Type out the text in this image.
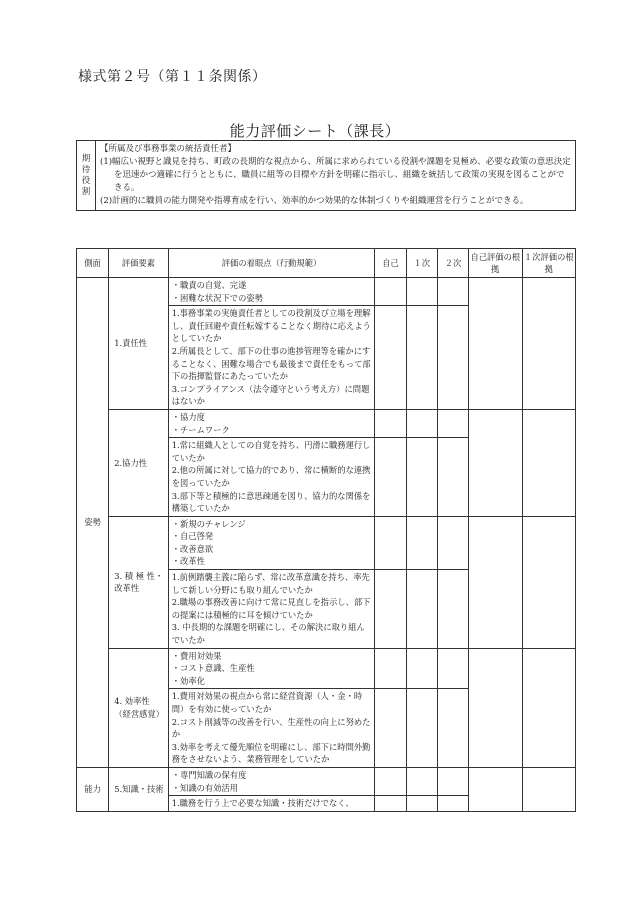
様式第２号（第１１条関係）
能力評価シート（課長）
期
待
役
割

【所属及び事務事業の統括責任者】
(1)幅広い視野と識見を持ち、町政の長期的な視点から、所属に求められている役割や課題を見極め、必要な政策の意思決定を迅速かつ適確に行うとともに、職員に組等の目標や方針を明確に指示し、組織を統括して政策の実現を図ることができる。
(2)計画的に職員の能力開発や指導育成を行い、効率的かつ効果的な体制づくりや組織運営を行うことができる。
側面	評価要素	評価の着眼点（行動規範）	自己	１次	２次	自己評価の根拠	１次評価の根拠
姿勢	1.責任性	・職責の自覚、完遂
・困難な状況下での姿勢					

		1.事務事業の実施責任者としての役割及び立場を理解し、責任回避や責任転嫁することなく期待に応えようとしていたか
2.所属長として、部下の仕事の進捗管理等を確かにすることなく、困難な場合でも最後まで責任をもって部下の指揮監督にあたっていたか
3.コンプライアンス（法令遵守という考え方）に問題はないか					
	2.協力性	・協力度
・チームワーク					

		1.常に組織人としての自覚を持ち、円滑に職務運行していたか
2.他の所属に対して協力的であり、常に横断的な連携を図っていたか
3.部下等と積極的に意思疎通を図り、協力的な関係を構築していたか					
	3. 積 極 性・改革性	・新規のチャレンジ
・自己啓発
・改善意欲
・改革性					

		1.前例踏襲主義に陥らず、常に改革意識を持ち、率先して新しい分野にも取り組んでいたか
2.職場の事務改善に向けて常に見直しを指示し、部下の提案には積極的に耳を傾けていたか
3. 中長期的な課題を明確にし、その解決に取り組んでいたか					
	4. 効率性（経営感覚）	・費用対効果
・コスト意識、生産性
・効率化					

		1.費用対効果の視点から常に経営資源（人・金・時間）を有効に使っていたか
2.コスト削減等の改善を行い、生産性の向上に努めたか
3.効率を考えて優先順位を明確にし、部下に時間外勤務をさせないよう、業務管理をしていたか					
能力	5.知識・技術	・専門知識の保有度
・知識の有効活用					

		1.職務を行う上で必要な知識・技術だけでなく、					
